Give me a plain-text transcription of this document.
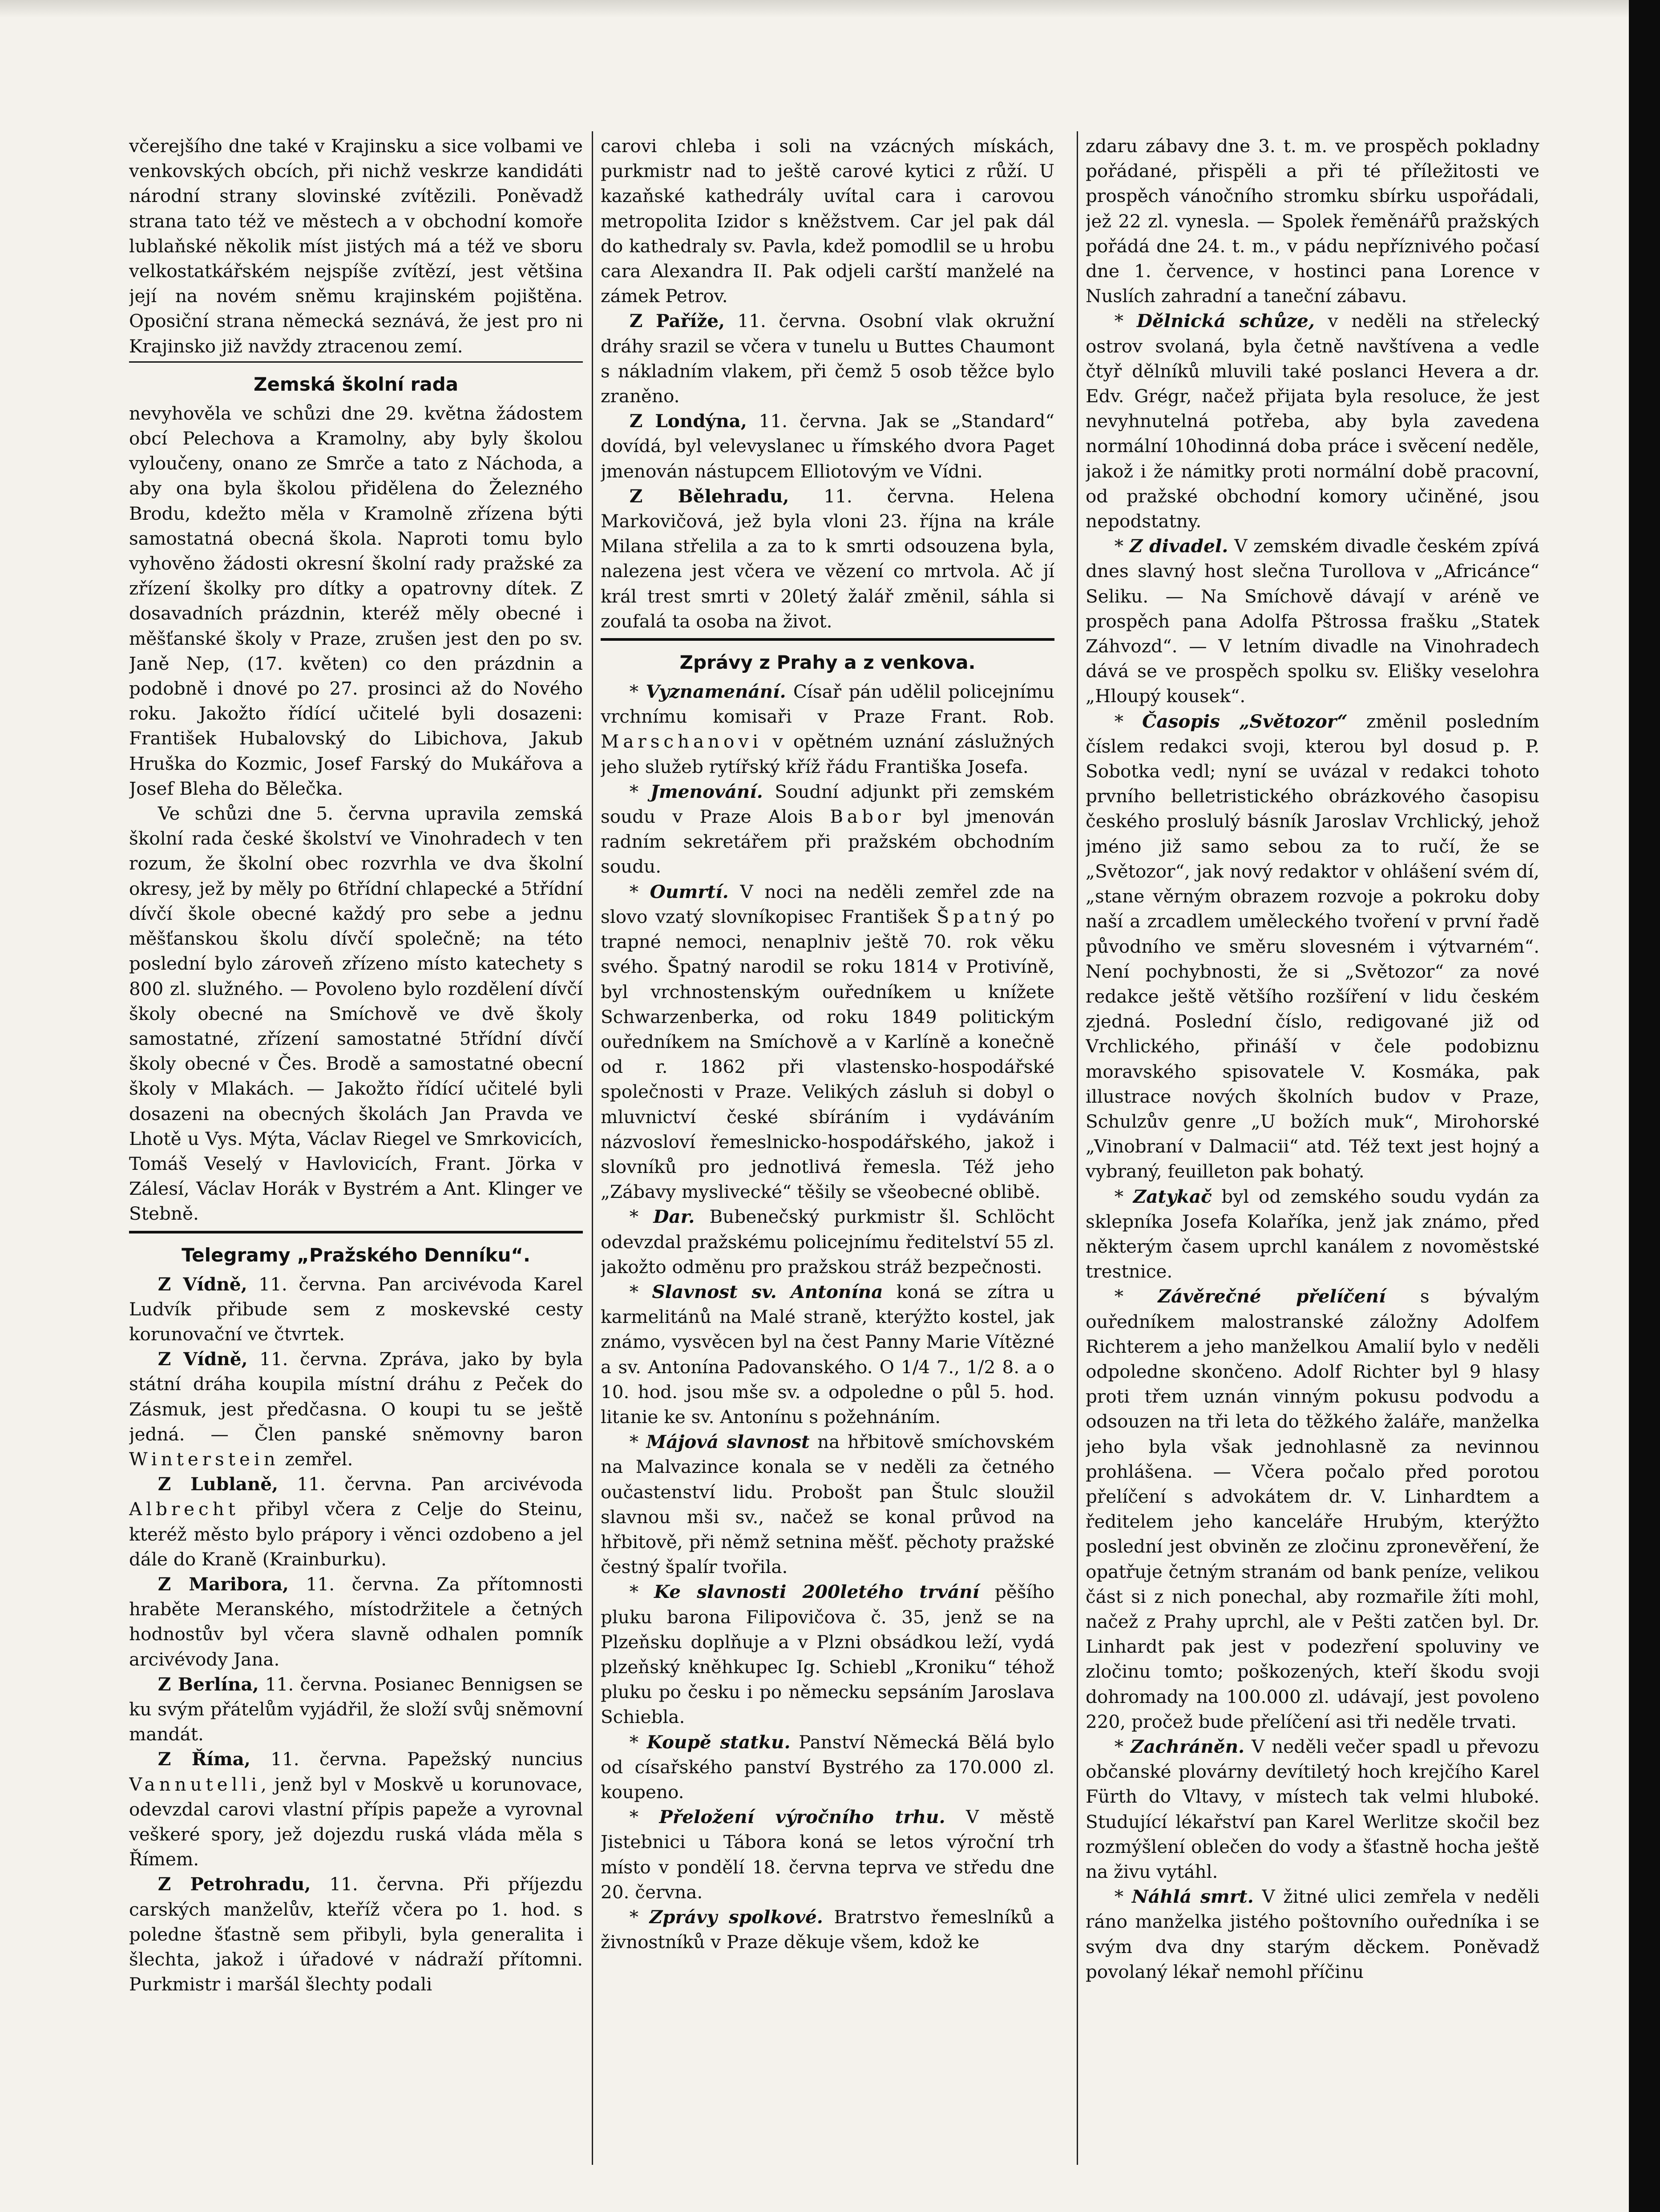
včerejšího dne také v Krajinsku a sice volbami ve venkovských obcích, při nichž veskrze kandidáti národní strany slovinské zvítězili. Poněvadž strana tato též ve městech a v obchodní komoře lublaňské několik míst jistých má a též ve sboru velkostatkářském nejspíše zvítězí, jest většina její na novém sněmu krajinském pojištěna. Oposiční strana německá seznává, že jest pro ni Krajinsko již navždy ztracenou zemí.

Zemská školní rada

nevyhověla ve schůzi dne 29. května žádostem obcí Pelechova a Kramolny, aby byly školou vyloučeny, onano ze Smrče a tato z Náchoda, a aby ona byla školou přidělena do Železného Brodu, kdežto měla v Kramolně zřízena býti samostatná obecná škola. Naproti tomu bylo vyhověno žádosti okresní školní rady pražské za zřízení školky pro dítky a opatrovny dítek. Z dosavadních prázdnin, kteréž měly obecné i měšťanské školy v Praze, zrušen jest den po sv. Janě Nep, (17. květen) co den prázdnin a podobně i dnové po 27. prosinci až do Nového roku. Jakožto řídící učitelé byli dosazeni: František Hubalovský do Libichova, Jakub Hruška do Kozmic, Josef Farský do Mukářova a Josef Bleha do Bělečka.

Ve schůzi dne 5. června upravila zemská školní rada české školství ve Vinohradech v ten rozum, že školní obec rozvrhla ve dva školní okresy, jež by měly po 6třídní chlapecké a 5třídní dívčí škole obecné každý pro sebe a jednu měšťanskou školu dívčí společně; na této poslední bylo zároveň zřízeno místo katechety s 800 zl. služného. — Povoleno bylo rozdělení dívčí školy obecné na Smíchově ve dvě školy samostatné, zřízení samostatné 5třídní dívčí školy obecné v Čes. Brodě a samostatné obecní školy v Mlakách. — Jakožto řídící učitelé byli dosazeni na obecných školách Jan Pravda ve Lhotě u Vys. Mýta, Václav Riegel ve Smrkovicích, Tomáš Veselý v Havlovicích, Frant. Jörka v Zálesí, Václav Horák v Bystrém a Ant. Klinger ve Stebně.

Telegramy „Pražského Denníku“.

Z Vídně, 11. června. Pan arcivévoda Karel Ludvík přibude sem z moskevské cesty korunovační ve čtvrtek.

Z Vídně, 11. června. Zpráva, jako by byla státní dráha koupila místní dráhu z Peček do Zásmuk, jest předčasna. O koupi tu se ještě jedná. — Člen panské sněmovny baron Winterstein zemřel.

Z Lublaně, 11. června. Pan arcivévoda Albrecht přibyl včera z Celje do Steinu, kteréž město bylo prápory i věnci ozdobeno a jel dále do Kraně (Krainburku).

Z Maribora, 11. června. Za přítomnosti hraběte Meranského, místodržitele a četných hodnostův byl včera slavně odhalen pomník arcivévody Jana.

Z Berlína, 11. června. Posianec Bennigsen se ku svým přátelům vyjádřil, že složí svůj sněmovní mandát.

Z Říma, 11. června. Papežský nuncius Vannutelli, jenž byl v Moskvě u korunovace, odevzdal carovi vlastní přípis papeže a vyrovnal veškeré spory, jež dojezdu ruská vláda měla s Římem.

Z Petrohradu, 11. června. Při příjezdu carských manželův, kteříž včera po 1. hod. s poledne šťastně sem přibyli, byla generalita i šlechta, jakož i úřadové v nádraží přítomni. Purkmistr i maršál šlechty podali

carovi chleba i soli na vzácných mískách, purkmistr nad to ještě carové kytici z růží. U kazaňské kathedrály uvítal cara i carovou metropolita Izidor s kněžstvem. Car jel pak dál do kathedraly sv. Pavla, kdež pomodlil se u hrobu cara Alexandra II. Pak odjeli carští manželé na zámek Petrov.

Z Paříže, 11. června. Osobní vlak okružní dráhy srazil se včera v tunelu u Buttes Chaumont s nákladním vlakem, při čemž 5 osob těžce bylo zraněno.

Z Londýna, 11. června. Jak se „Standard“ dovídá, byl velevyslanec u římského dvora Paget jmenován nástupcem Elliotovým ve Vídni.

Z Bělehradu, 11. června. Helena Markovičová, jež byla vloni 23. října na krále Milana střelila a za to k smrti odsouzena byla, nalezena jest včera ve vězení co mrtvola. Ač jí král trest smrti v 20letý žalář změnil, sáhla si zoufalá ta osoba na život.

Zprávy z Prahy a z venkova.

* Vyznamenání. Císař pán udělil policejnímu vrchnímu komisaři v Praze Frant. Rob. Marschanovi v opětném uznání záslužných jeho služeb rytířský kříž řádu Františka Josefa.

* Jmenování. Soudní adjunkt při zemském soudu v Praze Alois Babor byl jmenován radním sekretářem při pražském obchodním soudu.

* Oumrtí. V noci na neděli zemřel zde na slovo vzatý slovníkopisec František Špatný po trapné nemoci, nenaplniv ještě 70. rok věku svého. Špatný narodil se roku 1814 v Protivíně, byl vrchnostenským ouředníkem u knížete Schwarzenberka, od roku 1849 politickým ouředníkem na Smíchově a v Karlíně a konečně od r. 1862 při vlastensko-hospodářské společnosti v Praze. Velikých zásluh si dobyl o mluvnictví české sbíráním i vydáváním názvosloví řemeslnicko-hospodářského, jakož i slovníků pro jednotlivá řemesla. Též jeho „Zábavy myslivecké“ těšily se všeobecné oblibě.

* Dar. Bubenečský purkmistr šl. Schlöcht odevzdal pražskému policejnímu ředitelství 55 zl. jakožto odměnu pro pražskou stráž bezpečnosti.

* Slavnost sv. Antonína koná se zítra u karmelitánů na Malé straně, kterýžto kostel, jak známo, vysvěcen byl na čest Panny Marie Vítězné a sv. Antonína Padovanského. O 1/4 7., 1/2 8. a o 10. hod. jsou mše sv. a odpoledne o půl 5. hod. litanie ke sv. Antonínu s požehnáním.

* Májová slavnost na hřbitově smíchovském na Malvazince konala se v neděli za četného oučastenství lidu. Probošt pan Štulc sloužil slavnou mši sv., načež se konal průvod na hřbitově, při němž setnina měšť. pěchoty pražské čestný špalír tvořila.

* Ke slavnosti 200letého trvání pěšího pluku barona Filipovičova č. 35, jenž se na Plzeňsku doplňuje a v Plzni obsádkou leží, vydá plzeňský kněhkupec Ig. Schiebl „Kroniku“ téhož pluku po česku i po německu sepsáním Jaroslava Schiebla.

* Koupě statku. Panství Německá Bělá bylo od císařského panství Bystrého za 170.000 zl. koupeno.

* Přeložení výročního trhu. V městě Jistebnici u Tábora koná se letos výroční trh místo v pondělí 18. června teprva ve středu dne 20. června.

* Zprávy spolkové. Bratrstvo řemeslníků a živnostníků v Praze děkuje všem, kdož ke

zdaru zábavy dne 3. t. m. ve prospěch pokladny pořádané, přispěli a při té příležitosti ve prospěch vánočního stromku sbírku uspořádali, jež 22 zl. vynesla. — Spolek řeměnářů pražských pořádá dne 24. t. m., v pádu nepříznivého počasí dne 1. července, v hostinci pana Lorence v Nuslích zahradní a taneční zábavu.

* Dělnická schůze, v neděli na střelecký ostrov svolaná, byla četně navštívena a vedle čtyř dělníků mluvili také poslanci Hevera a dr. Edv. Grégr, načež přijata byla resoluce, že jest nevyhnutelná potřeba, aby byla zavedena normální 10hodinná doba práce i svěcení neděle, jakož i že námitky proti normální době pracovní, od pražské obchodní komory učiněné, jsou nepodstatny.

* Z divadel. V zemském divadle českém zpívá dnes slavný host slečna Turollova v „Africánce“ Seliku. — Na Smíchově dávají v aréně ve prospěch pana Adolfa Pštrossa frašku „Statek Záhvozd“. — V letním divadle na Vinohradech dává se ve prospěch spolku sv. Elišky veselohra „Hloupý kousek“.

* Časopis „Světozor“ změnil posledním číslem redakci svoji, kterou byl dosud p. P. Sobotka vedl; nyní se uvázal v redakci tohoto prvního belletristického obrázkového časopisu českého proslulý básník Jaroslav Vrchlický, jehož jméno již samo sebou za to ručí, že se „Světozor“, jak nový redaktor v ohlášení svém dí, „stane věrným obrazem rozvoje a pokroku doby naší a zrcadlem uměleckého tvoření v první řadě původního ve směru slovesném i výtvarném“. Není pochybnosti, že si „Světozor“ za nové redakce ještě většího rozšíření v lidu českém zjedná. Poslední číslo, redigované již od Vrchlického, přináší v čele podobiznu moravského spisovatele V. Kosmáka, pak illustrace nových školních budov v Praze, Schulzův genre „U božích muk“, Mirohorské „Vinobraní v Dalmacii“ atd. Též text jest hojný a vybraný, feuilleton pak bohatý.

* Zatykač byl od zemského soudu vydán za sklepníka Josefa Kolaříka, jenž jak známo, před některým časem uprchl kanálem z novoměstské trestnice.

* Závěrečné přelíčení s bývalým ouředníkem malostranské záložny Adolfem Richterem a jeho manželkou Amalií bylo v neděli odpoledne skončeno. Adolf Richter byl 9 hlasy proti třem uznán vinným pokusu podvodu a odsouzen na tři leta do těžkého žaláře, manželka jeho byla však jednohlasně za nevinnou prohlášena. — Včera počalo před porotou přelíčení s advokátem dr. V. Linhardtem a ředitelem jeho kanceláře Hrubým, kterýžto poslední jest obviněn ze zločinu zpronevěření, že opatřuje četným stranám od bank peníze, velikou část si z nich ponechal, aby rozmařile žíti mohl, načež z Prahy uprchl, ale v Pešti zatčen byl. Dr. Linhardt pak jest v podezření spoluviny ve zločinu tomto; poškozených, kteří škodu svoji dohromady na 100.000 zl. udávají, jest povoleno 220, pročež bude přelíčení asi tři neděle trvati.

* Zachráněn. V neděli večer spadl u převozu občanské plovárny devítiletý hoch krejčího Karel Fürth do Vltavy, v místech tak velmi hluboké. Studující lékařství pan Karel Werlitze skočil bez rozmýšlení oblečen do vody a šťastně hocha ještě na živu vytáhl.

* Náhlá smrt. V žitné ulici zemřela v neděli ráno manželka jistého poštovního ouředníka i se svým dva dny starým děckem. Poněvadž povolaný lékař nemohl příčinu
